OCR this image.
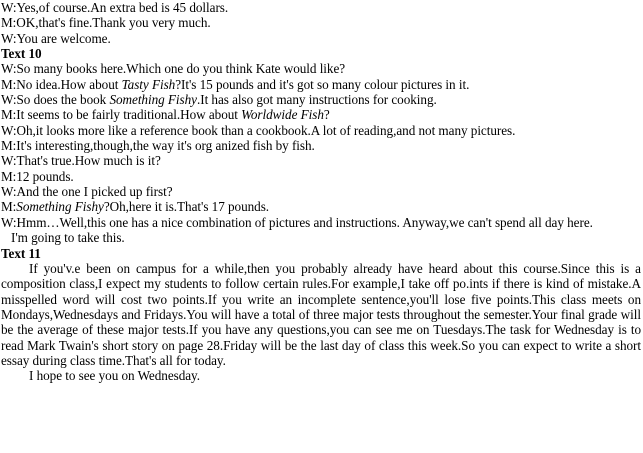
W:Yes,of course.An extra bed is 45 dollars.
M:OK,that's fine.Thank you very much.
W:You are welcome.
Text 10
W:So many books here.Which one do you think Kate would like?
M:No idea.How about Tasty Fish?It's 15 pounds and it's got so many colour pictures in it.
W:So does the book Something Fishy.It has also got many instructions for cooking.
M:It seems to be fairly traditional.How about Worldwide Fish?
W:Oh,it looks more like a reference book than a cookbook.A lot of reading,and not many pictures.
M:It's interesting,though,the way it's org anized fish by fish.
W:That's true.How much is it?
M:12 pounds.
W:And the one I picked up first?
M:Something Fishy?Oh,here it is.That's 17 pounds.
W:Hmm…Well,this one has a nice combination of pictures and instructions. Anyway,we can't spend all day here.
I'm going to take this.
Text 11
If you'v.e been on campus for a while,then you probably already have heard about this course.Since this is a composition class,I expect my students to follow certain rules.For example,I take off po.ints if there is kind of mistake.A misspelled word will cost two points.If you write an incomplete sentence,you'll lose five points.This class meets on Mondays,Wednesdays and Fridays.You will have a total of three major tests throughout the semester.Your final grade will be the average of these major tests.If you have any questions,you can see me on Tuesdays.The task for Wednesday is to read Mark Twain's short story on page 28.Friday will be the last day of class this week.So you can expect to write a short essay during class time.That's all for today.
I hope to see you on Wednesday.
